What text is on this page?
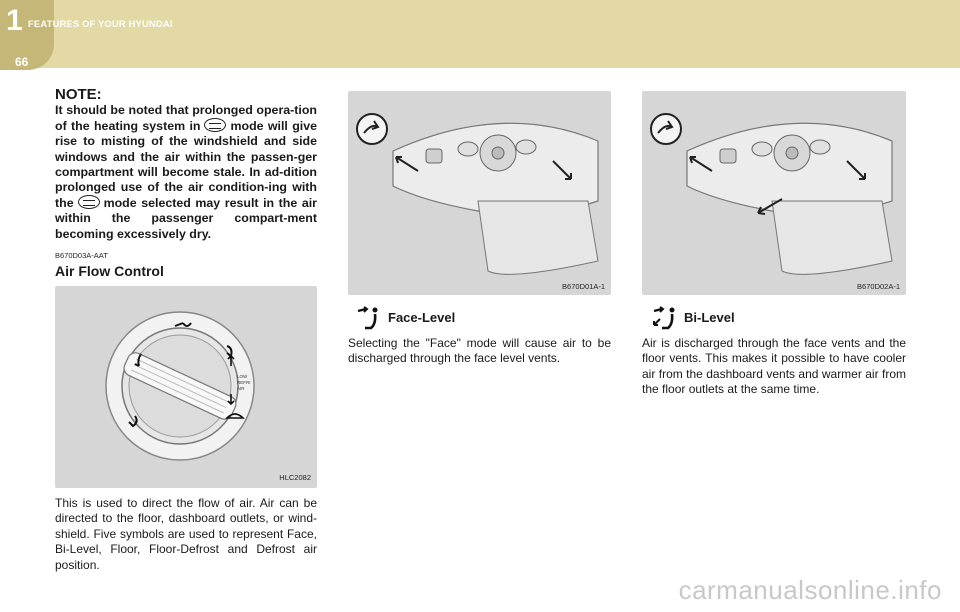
1 FEATURES OF YOUR HYUNDAI
66
NOTE:
It should be noted that prolonged opera-tion of the heating system in mode will give rise to misting of the windshield and side windows and the air within the passen-ger compartment will become stale. In ad-dition prolonged use of the air condition-ing with the mode selected may result in the air within the passenger compart-ment becoming excessively dry.
B670D03A-AAT
Air Flow Control
LOW
REFRI
AIR
HLC2082
This is used to direct the flow of air. Air can be directed to the floor, dashboard outlets, or wind-shield. Five symbols are used to represent Face, Bi-Level, Floor, Floor-Defrost and Defrost air position.
B670D01A-1	B670D02A-1
Face-Level
Selecting the "Face" mode will cause air to be discharged through the face level vents.
Bi-Level
Air is discharged through the face vents and the floor vents. This makes it possible to have cooler air from the dashboard vents and warmer air from the floor outlets at the same time.
carmanualsonline.info
